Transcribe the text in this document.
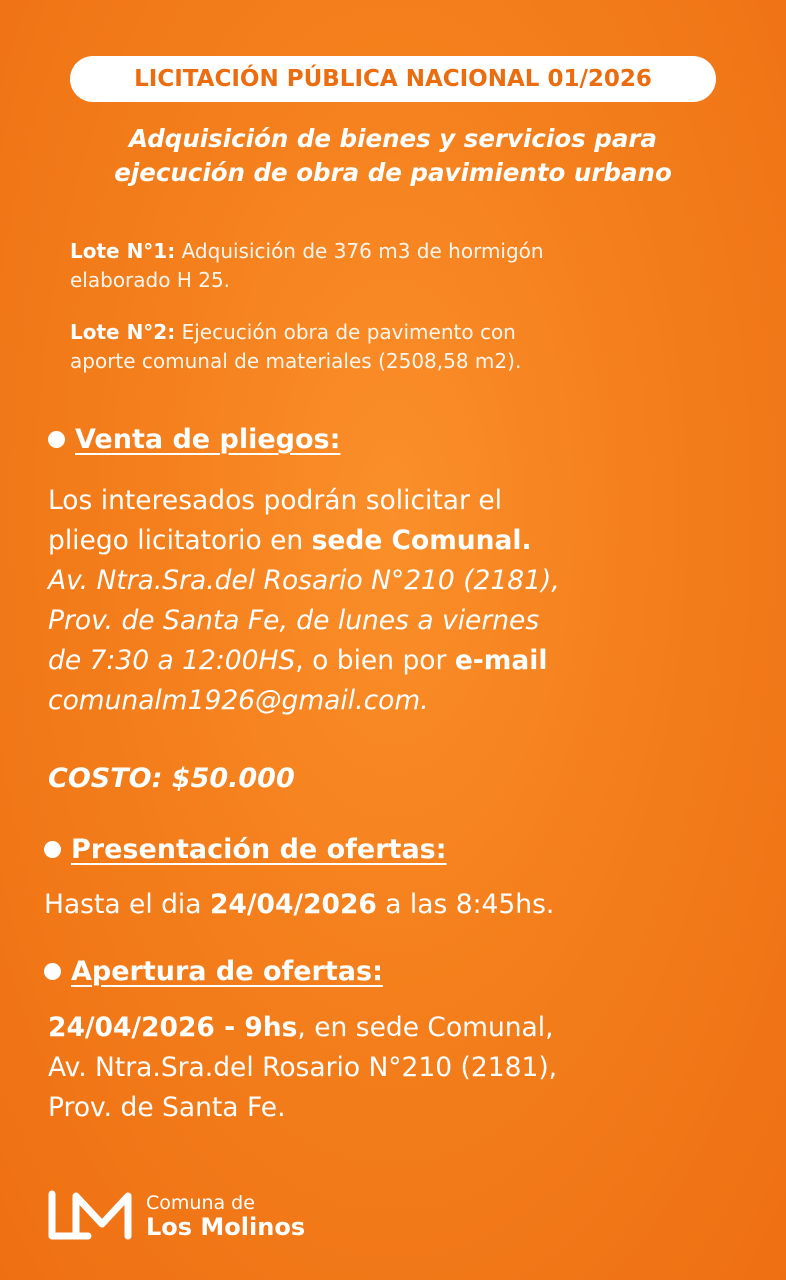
LICITACIÓN PÚBLICA NACIONAL 01/2026
Adquisición de bienes y servicios para
ejecución de obra de pavimiento urbano
Lote N°1: Adquisición de 376 m3 de hormigón
elaborado H 25.
Lote N°2: Ejecución obra de pavimento con
aporte comunal de materiales (2508,58 m2).
Venta de pliegos:
Los interesados podrán solicitar el
pliego licitatorio en sede Comunal.
Av. Ntra.Sra.del Rosario N°210 (2181),
Prov. de Santa Fe, de lunes a viernes
de 7:30 a 12:00HS, o bien por e-mail
comunalm1926@gmail.com.
COSTO: $50.000
Presentación de ofertas:
Hasta el dia 24/04/2026 a las 8:45hs.
Apertura de ofertas:
24/04/2026 - 9hs, en sede Comunal,
Av. Ntra.Sra.del Rosario N°210 (2181),
Prov. de Santa Fe.
Comuna de
Los Molinos
